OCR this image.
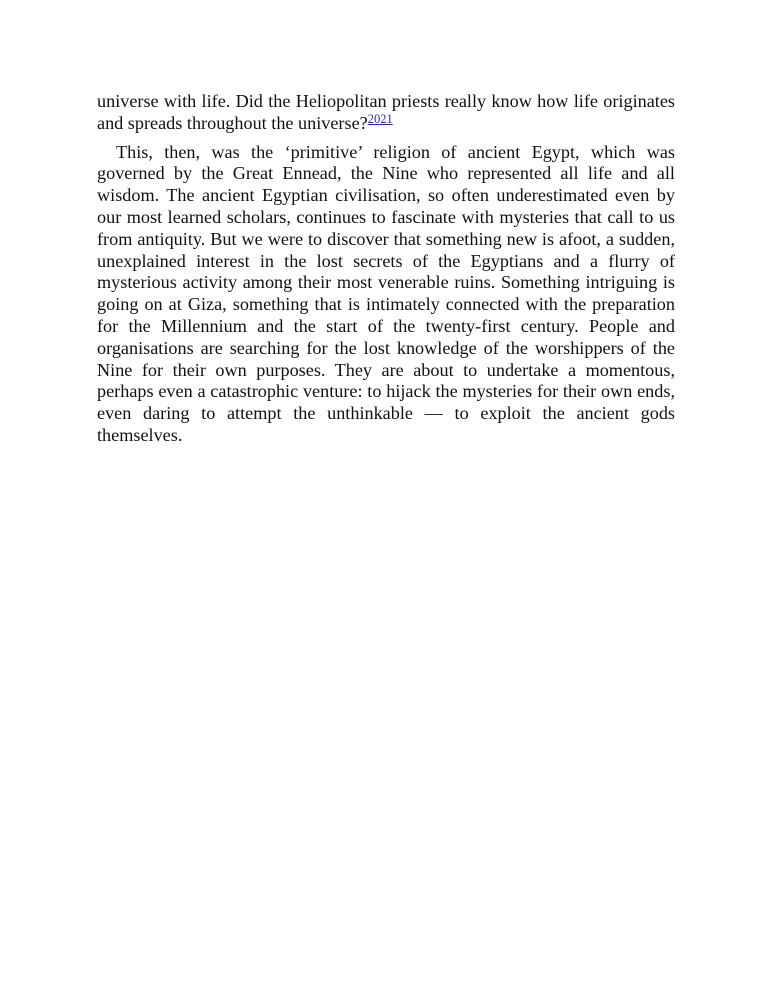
universe with life. Did the Heliopolitan priests really know how life originates and spreads throughout the universe?$^{2021}$

This, then, was the ‘primitive’ religion of ancient Egypt, which was governed by the Great Ennead, the Nine who represented all life and all wisdom. The ancient Egyptian civilisation, so often underestimated even by our most learned scholars, continues to fascinate with mysteries that call to us from antiquity. But we were to discover that something new is afoot, a sudden, unexplained interest in the lost secrets of the Egyptians and a flurry of mysterious activity among their most venerable ruins. Something intriguing is going on at Giza, something that is intimately connected with the preparation for the Millennium and the start of the twenty-first century. People and organisations are searching for the lost knowledge of the worshippers of the Nine for their own purposes. They are about to undertake a momentous, perhaps even a catastrophic venture: to hijack the mysteries for their own ends, even daring to attempt the unthinkable — to exploit the ancient gods themselves.
